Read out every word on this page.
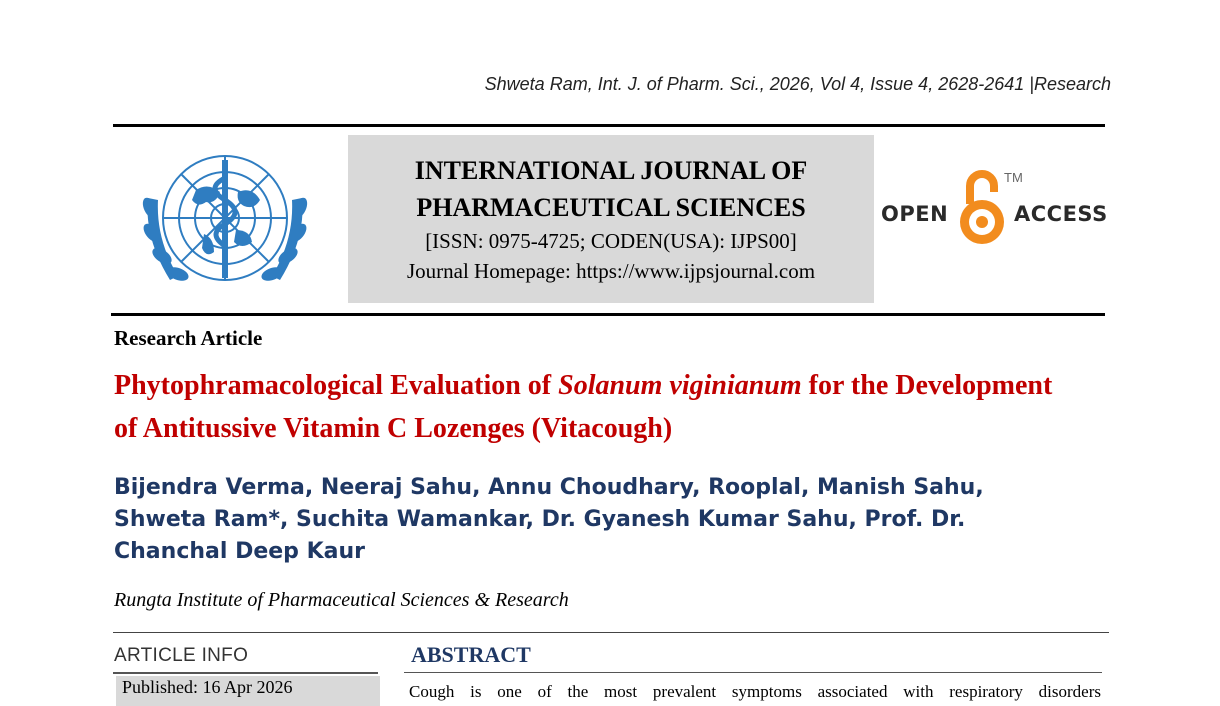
Shweta Ram, Int. J. of Pharm. Sci., 2026, Vol 4, Issue 4, 2628-2641 |Research
INTERNATIONAL JOURNAL OF
PHARMACEUTICAL SCIENCES
[ISSN: 0975-4725; CODEN(USA): IJPS00]
Journal Homepage: https://www.ijpsjournal.com
OPEN
TM
ACCESS
Research Article
Phytophramacological Evaluation of Solanum viginianum for the Development of Antitussive Vitamin C Lozenges (Vitacough)
Bijendra Verma, Neeraj Sahu, Annu Choudhary, Rooplal, Manish Sahu, Shweta Ram*, Suchita Wamankar, Dr. Gyanesh Kumar Sahu, Prof. Dr. Chanchal Deep Kaur
Rungta Institute of Pharmaceutical Sciences & Research
ARTICLE INFO
Published: 16 Apr 2026
ABSTRACT
Cough is one of the most prevalent symptoms associated with respiratory disorders
